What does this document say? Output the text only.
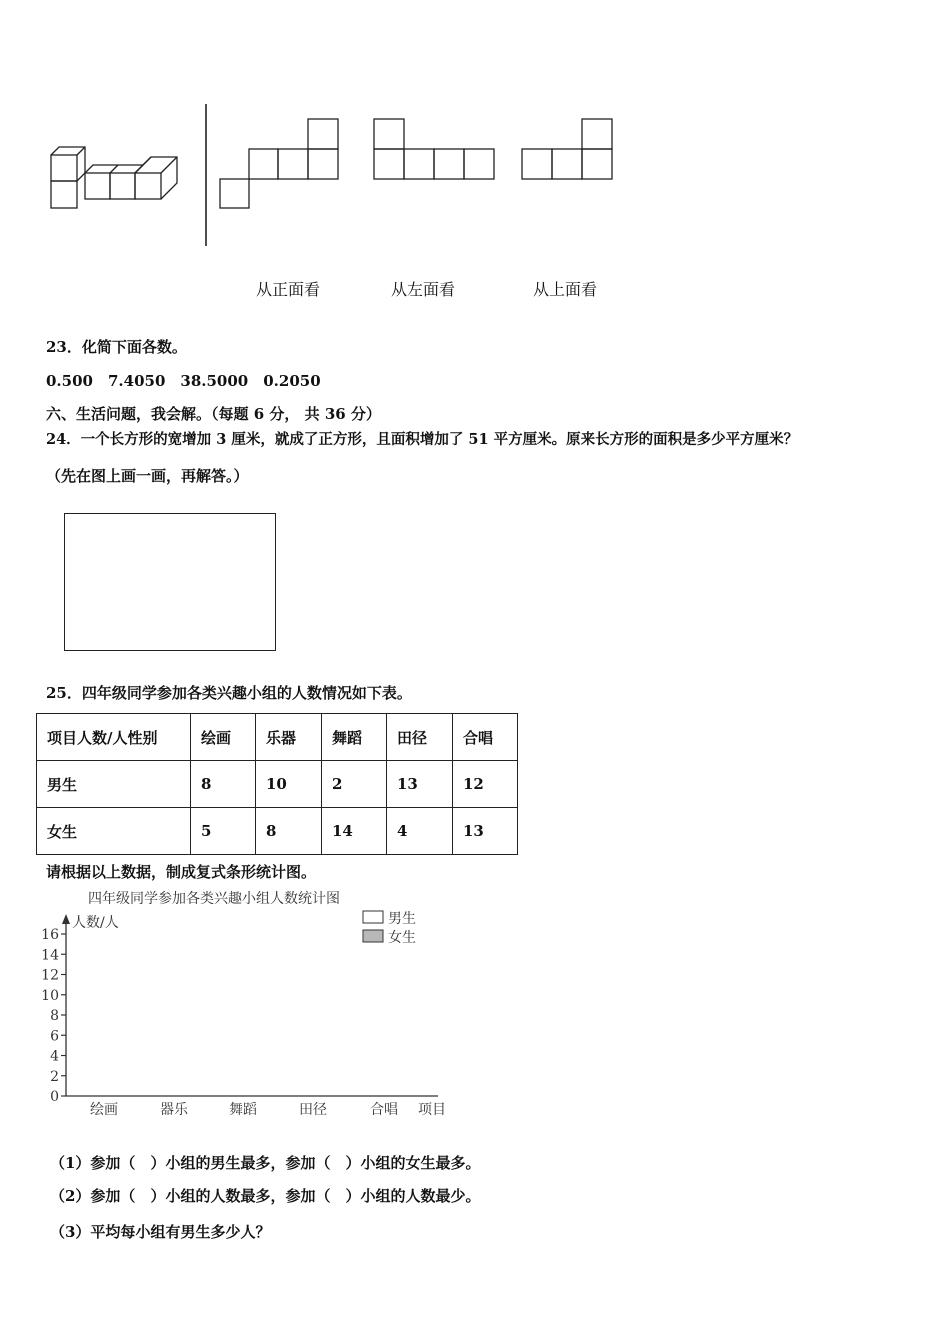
从正面看	从左面看	从上面看
23．化简下面各数。
0.500　7.4050　38.5000　0.2050
六、生活问题，我会解。（每题 6 分， 共 36 分）
24．一个长方形的宽增加 3 厘米，就成了正方形，且面积增加了 51 平方厘米。原来长方形的面积是多少平方厘米？
（先在图上画一画，再解答。）
25．四年级同学参加各类兴趣小组的人数情况如下表。
项目人数/人性别	绘画	乐器	舞蹈	田径	合唱
男生	8	10	2	13	12
女生	5	8	14	4	13
请根据以上数据，制成复式条形统计图。
四年级同学参加各类兴趣小组人数统计图
人数/人
项目
男生
女生
0
2
4
6
8
10
12
14
16
绘画	器乐	舞蹈	田径	合唱
（1）参加（　）小组的男生最多，参加（　）小组的女生最多。
（2）参加（　）小组的人数最多，参加（　）小组的人数最少。
（3）平均每小组有男生多少人？
